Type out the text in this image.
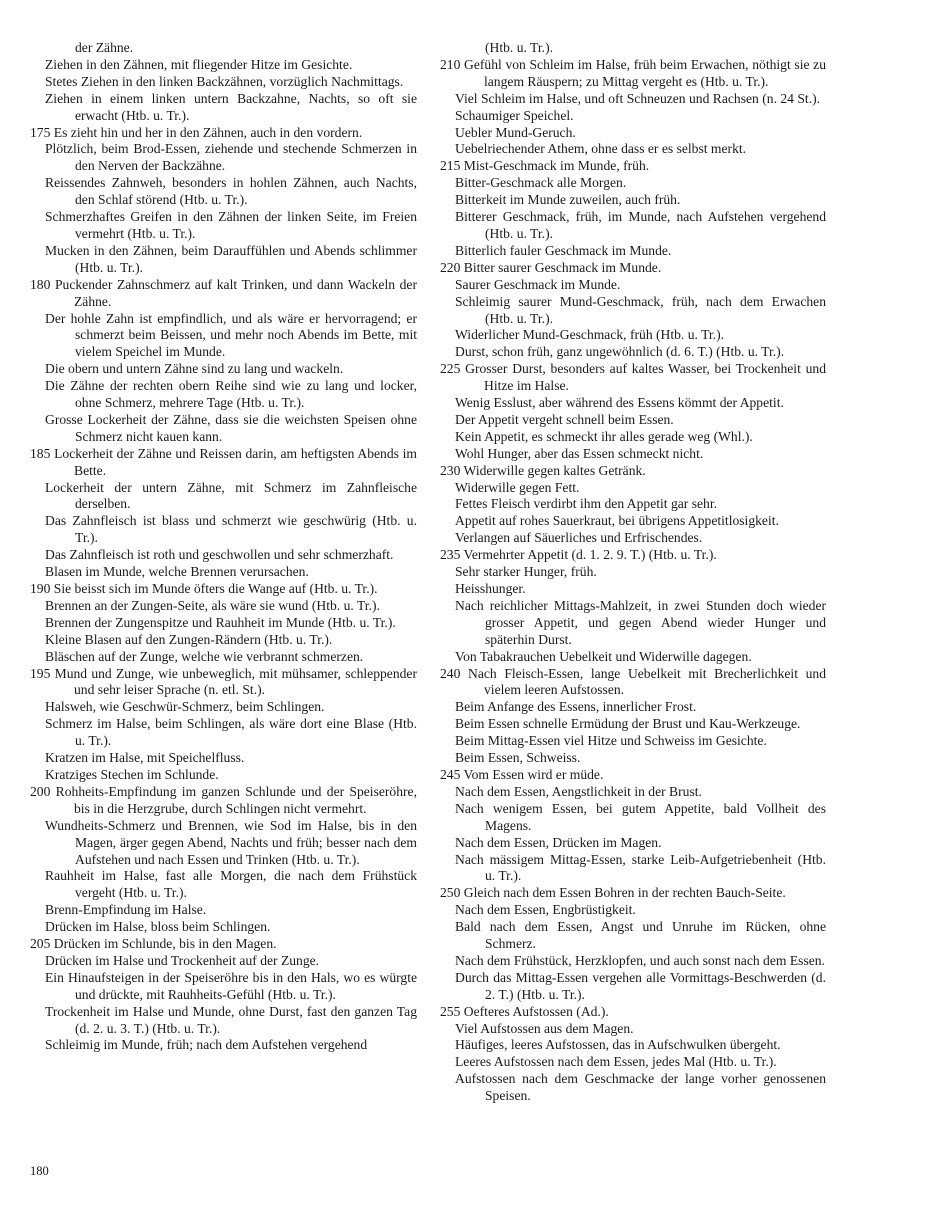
der Zähne.
Ziehen in den Zähnen, mit fliegender Hitze im Gesichte.
Stetes Ziehen in den linken Backzähnen, vorzüglich Nachmittags.
Ziehen in einem linken untern Backzahne, Nachts, so oft sie erwacht (Htb. u. Tr.).
175 Es zieht hin und her in den Zähnen, auch in den vordern.
Plötzlich, beim Brod-Essen, ziehende und stechende Schmerzen in den Nerven der Backzähne.
Reissendes Zahnweh, besonders in hohlen Zähnen, auch Nachts, den Schlaf störend (Htb. u. Tr.).
Schmerzhaftes Greifen in den Zähnen der linken Seite, im Freien vermehrt (Htb. u. Tr.).
Mucken in den Zähnen, beim Darauffühlen und Abends schlimmer (Htb. u. Tr.).
180 Puckender Zahnschmerz auf kalt Trinken, und dann Wackeln der Zähne.
Der hohle Zahn ist empfindlich, und als wäre er hervorragend; er schmerzt beim Beissen, und mehr noch Abends im Bette, mit vielem Speichel im Munde.
Die obern und untern Zähne sind zu lang und wackeln.
Die Zähne der rechten obern Reihe sind wie zu lang und locker, ohne Schmerz, mehrere Tage (Htb. u. Tr.).
Grosse Lockerheit der Zähne, dass sie die weichsten Speisen ohne Schmerz nicht kauen kann.
185 Lockerheit der Zähne und Reissen darin, am heftigsten Abends im Bette.
Lockerheit der untern Zähne, mit Schmerz im Zahnfleische derselben.
Das Zahnfleisch ist blass und schmerzt wie geschwürig (Htb. u. Tr.).
Das Zahnfleisch ist roth und geschwollen und sehr schmerzhaft.
Blasen im Munde, welche Brennen verursachen.
190 Sie beisst sich im Munde öfters die Wange auf (Htb. u. Tr.).
Brennen an der Zungen-Seite, als wäre sie wund (Htb. u. Tr.).
Brennen der Zungenspitze und Rauhheit im Munde (Htb. u. Tr.).
Kleine Blasen auf den Zungen-Rändern (Htb. u. Tr.).
Bläschen auf der Zunge, welche wie verbrannt schmerzen.
195 Mund und Zunge, wie unbeweglich, mit mühsamer, schleppender und sehr leiser Sprache (n. etl. St.).
Halsweh, wie Geschwür-Schmerz, beim Schlingen.
Schmerz im Halse, beim Schlingen, als wäre dort eine Blase (Htb. u. Tr.).
Kratzen im Halse, mit Speichelfluss.
Kratziges Stechen im Schlunde.
200 Rohheits-Empfindung im ganzen Schlunde und der Speiseröhre, bis in die Herzgrube, durch Schlingen nicht vermehrt.
Wundheits-Schmerz und Brennen, wie Sod im Halse, bis in den Magen, ärger gegen Abend, Nachts und früh; besser nach dem Aufstehen und nach Essen und Trinken (Htb. u. Tr.).
Rauhheit im Halse, fast alle Morgen, die nach dem Frühstück vergeht (Htb. u. Tr.).
Brenn-Empfindung im Halse.
Drücken im Halse, bloss beim Schlingen.
205 Drücken im Schlunde, bis in den Magen.
Drücken im Halse und Trockenheit auf der Zunge.
Ein Hinaufsteigen in der Speiseröhre bis in den Hals, wo es würgte und drückte, mit Rauhheits-Gefühl (Htb. u. Tr.).
Trockenheit im Halse und Munde, ohne Durst, fast den ganzen Tag (d. 2. u. 3. T.) (Htb. u. Tr.).
Schleimig im Munde, früh; nach dem Aufstehen vergehend
(Htb. u. Tr.).
210 Gefühl von Schleim im Halse, früh beim Erwachen, nöthigt sie zu langem Räuspern; zu Mittag vergeht es (Htb. u. Tr.).
Viel Schleim im Halse, und oft Schneuzen und Rachsen (n. 24 St.).
Schaumiger Speichel.
Uebler Mund-Geruch.
Uebelriechender Athem, ohne dass er es selbst merkt.
215 Mist-Geschmack im Munde, früh.
Bitter-Geschmack alle Morgen.
Bitterkeit im Munde zuweilen, auch früh.
Bitterer Geschmack, früh, im Munde, nach Aufstehen vergehend (Htb. u. Tr.).
Bitterlich fauler Geschmack im Munde.
220 Bitter saurer Geschmack im Munde.
Saurer Geschmack im Munde.
Schleimig saurer Mund-Geschmack, früh, nach dem Erwachen (Htb. u. Tr.).
Widerlicher Mund-Geschmack, früh (Htb. u. Tr.).
Durst, schon früh, ganz ungewöhnlich (d. 6. T.) (Htb. u. Tr.).
225 Grosser Durst, besonders auf kaltes Wasser, bei Trockenheit und Hitze im Halse.
Wenig Esslust, aber während des Essens kömmt der Appetit.
Der Appetit vergeht schnell beim Essen.
Kein Appetit, es schmeckt ihr alles gerade weg (Whl.).
Wohl Hunger, aber das Essen schmeckt nicht.
230 Widerwille gegen kaltes Getränk.
Widerwille gegen Fett.
Fettes Fleisch verdirbt ihm den Appetit gar sehr.
Appetit auf rohes Sauerkraut, bei übrigens Appetitlosigkeit.
Verlangen auf Säuerliches und Erfrischendes.
235 Vermehrter Appetit (d. 1. 2. 9. T.) (Htb. u. Tr.).
Sehr starker Hunger, früh.
Heisshunger.
Nach reichlicher Mittags-Mahlzeit, in zwei Stunden doch wieder grosser Appetit, und gegen Abend wieder Hunger und späterhin Durst.
Von Tabakrauchen Uebelkeit und Widerwille dagegen.
240 Nach Fleisch-Essen, lange Uebelkeit mit Brecherlichkeit und vielem leeren Aufstossen.
Beim Anfange des Essens, innerlicher Frost.
Beim Essen schnelle Ermüdung der Brust und Kau-Werkzeuge.
Beim Mittag-Essen viel Hitze und Schweiss im Gesichte.
Beim Essen, Schweiss.
245 Vom Essen wird er müde.
Nach dem Essen, Aengstlichkeit in der Brust.
Nach wenigem Essen, bei gutem Appetite, bald Vollheit des Magens.
Nach dem Essen, Drücken im Magen.
Nach mässigem Mittag-Essen, starke Leib-Aufgetriebenheit (Htb. u. Tr.).
250 Gleich nach dem Essen Bohren in der rechten Bauch-Seite.
Nach dem Essen, Engbrüstigkeit.
Bald nach dem Essen, Angst und Unruhe im Rücken, ohne Schmerz.
Nach dem Frühstück, Herzklopfen, und auch sonst nach dem Essen.
Durch das Mittag-Essen vergehen alle Vormittags-Beschwerden (d. 2. T.) (Htb. u. Tr.).
255 Oefteres Aufstossen (Ad.).
Viel Aufstossen aus dem Magen.
Häufiges, leeres Aufstossen, das in Aufschwulken übergeht.
Leeres Aufstossen nach dem Essen, jedes Mal (Htb. u. Tr.).
Aufstossen nach dem Geschmacke der lange vorher genossenen Speisen.
180
